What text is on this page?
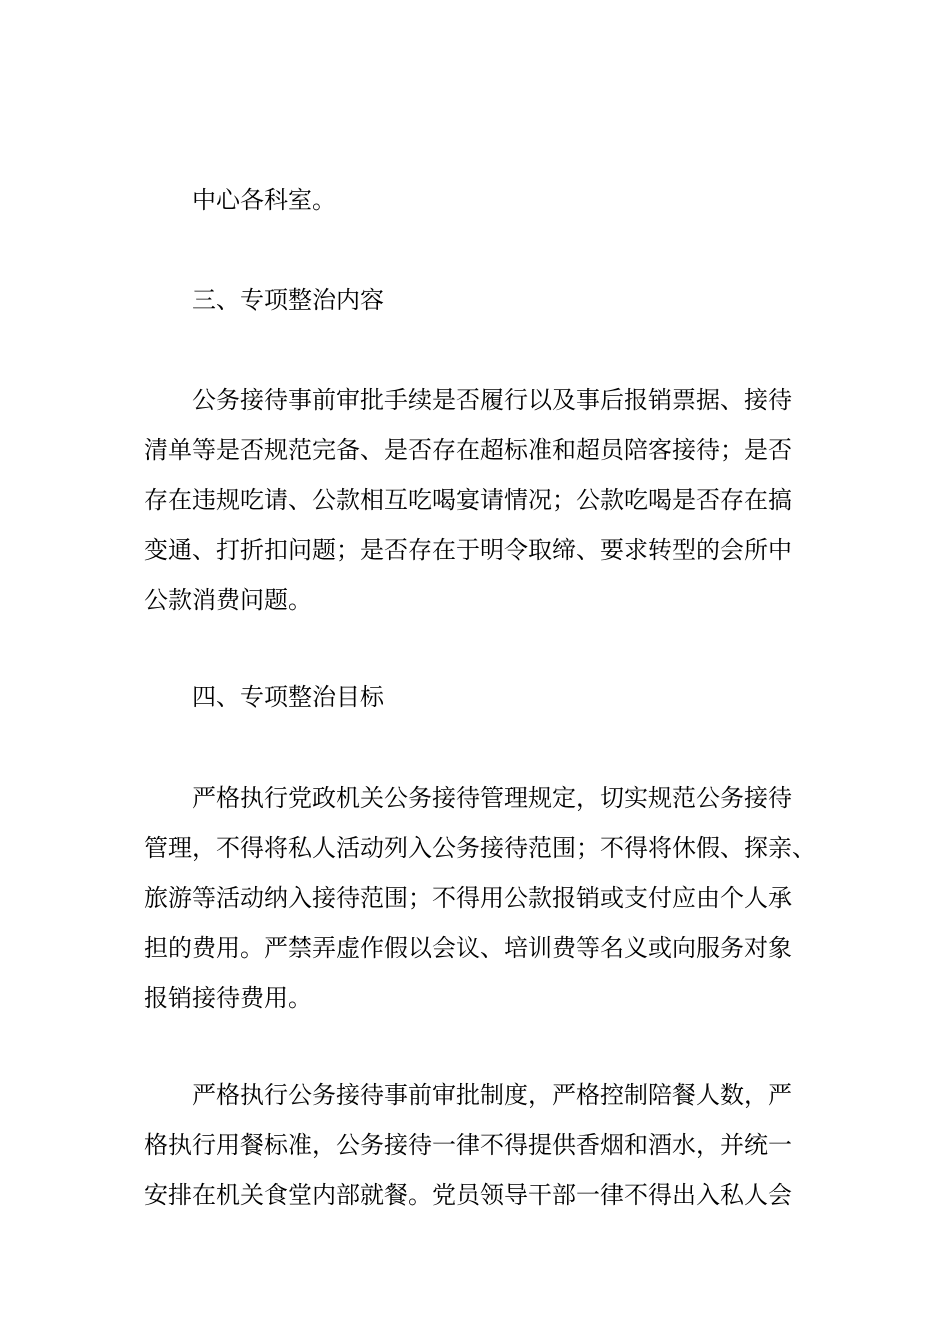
中心各科室。
三、专项整治内容
公务接待事前审批手续是否履行以及事后报销票据、接待
清单等是否规范完备、是否存在超标准和超员陪客接待；是否
存在违规吃请、公款相互吃喝宴请情况；公款吃喝是否存在搞
变通、打折扣问题；是否存在于明令取缔、要求转型的会所中
公款消费问题。
四、专项整治目标
严格执行党政机关公务接待管理规定，切实规范公务接待
管理，不得将私人活动列入公务接待范围；不得将休假、探亲、
旅游等活动纳入接待范围；不得用公款报销或支付应由个人承
担的费用。严禁弄虚作假以会议、培训费等名义或向服务对象
报销接待费用。
严格执行公务接待事前审批制度，严格控制陪餐人数，严
格执行用餐标准，公务接待一律不得提供香烟和酒水，并统一
安排在机关食堂内部就餐。党员领导干部一律不得出入私人会
